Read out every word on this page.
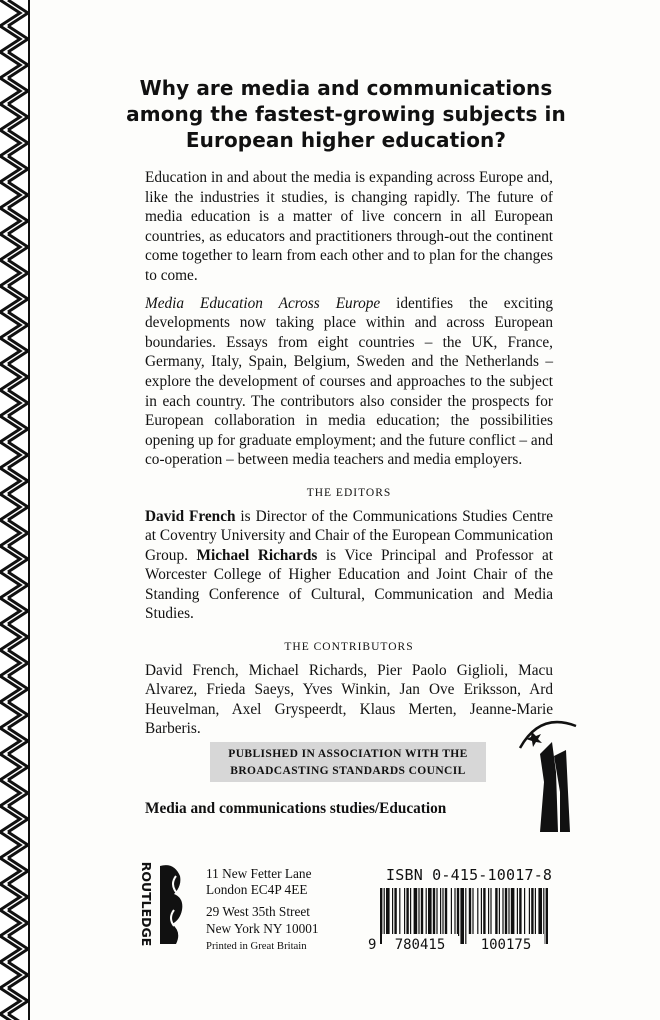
Why are media and communications among the fastest-growing subjects in European higher education?

Education in and about the media is expanding across Europe and, like the industries it studies, is changing rapidly. The future of media education is a matter of live concern in all European countries, as educators and practitioners through-out the continent come together to learn from each other and to plan for the changes to come.

Media Education Across Europe identifies the exciting developments now taking place within and across European boundaries. Essays from eight countries – the UK, France, Germany, Italy, Spain, Belgium, Sweden and the Netherlands – explore the development of courses and approaches to the subject in each country. The contributors also consider the prospects for European collaboration in media education; the possibilities opening up for graduate employment; and the future conflict – and co-operation – between media teachers and media employers.

THE EDITORS

David French is Director of the Communications Studies Centre at Coventry University and Chair of the European Communication Group. Michael Richards is Vice Principal and Professor at Worcester College of Higher Education and Joint Chair of the Standing Conference of Cultural, Communication and Media Studies.

THE CONTRIBUTORS

David French, Michael Richards, Pier Paolo Giglioli, Macu Alvarez, Frieda Saeys, Yves Winkin, Jan Ove Eriksson, Ard Heuvelman, Axel Gryspeerdt, Klaus Merten, Jeanne-Marie Barberis.

PUBLISHED IN ASSOCIATION WITH THE
BROADCASTING STANDARDS COUNCIL
Media and communications studies/Education
ROUTLEDGE	11 New Fetter Lane
London EC4P 4EE
29 West 35th Street
New York NY 10001
Printed in Great Britain
ISBN 0-415-10017-8
9 780415	100175
